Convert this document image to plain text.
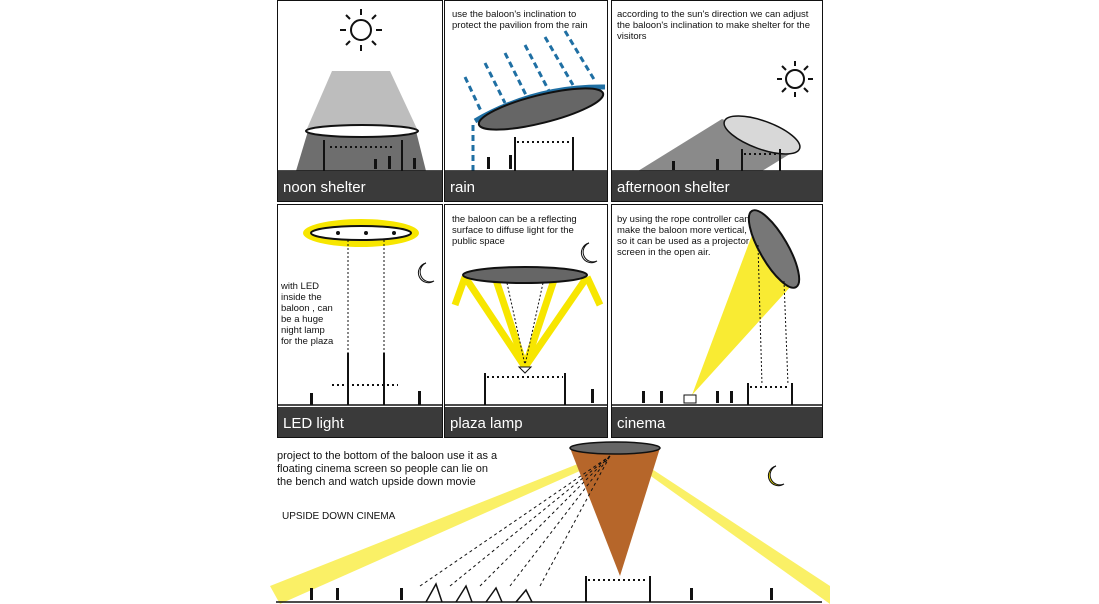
noon shelter
use the baloon's inclination to protect the pavilion from the rain
rain
according to the sun's direction we can adjust the baloon's inclination to make shelter for the visitors
afternoon shelter
with LED inside the baloon , can be a huge night lamp for the plaza
LED light
the baloon can be a reflecting surface to diffuse light for the public space
plaza lamp
by using the rope controller can make the baloon more vertical, so it can be used as a projector screen in the open air.
cinema
project to the bottom of the baloon use it as a floating cinema screen so people can lie on the bench and watch upside down movie
UPSIDE DOWN CINEMA
